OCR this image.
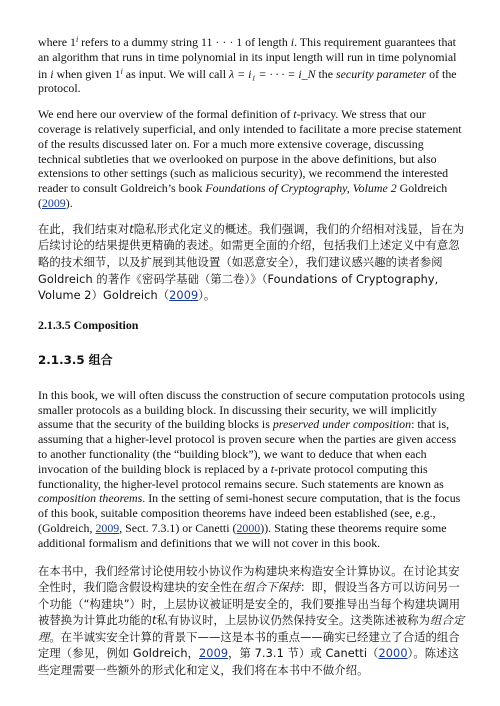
where 1$^i$ refers to a dummy string 11 · · · 1 of length i. This requirement guarantees that an algorithm that runs in time polynomial in its input length will run in time polynomial in i when given 1$^i$ as input. We will call λ = i₁ = · · · = i_N the security parameter of the protocol.

We end here our overview of the formal definition of t-privacy. We stress that our coverage is relatively superficial, and only intended to facilitate a more precise statement of the results discussed later on. For a much more extensive coverage, discussing technical subtleties that we overlooked on purpose in the above definitions, but also extensions to other settings (such as malicious security), we recommend the interested reader to consult Goldreich’s book Foundations of Cryptography, Volume 2 Goldreich (2009).

在此，我们结束对t隐私形式化定义的概述。我们强调，我们的介绍相对浅显，旨在为后续讨论的结果提供更精确的表述。如需更全面的介绍，包括我们上述定义中有意忽略的技术细节，以及扩展到其他设置（如恶意安全），我们建议感兴趣的读者参阅 Goldreich 的著作《密码学基础（第二卷）》（Foundations of Cryptography, Volume 2）Goldreich（2009）。

2.1.3.5 Composition
2.1.3.5 组合

In this book, we will often discuss the construction of secure computation protocols using smaller protocols as a building block. In discussing their security, we will implicitly assume that the security of the building blocks is preserved under composition: that is, assuming that a higher-level protocol is proven secure when the parties are given access to another functionality (the “building block”), we want to deduce that when each invocation of the building block is replaced by a t-private protocol computing this functionality, the higher-level protocol remains secure. Such statements are known as composition theorems. In the setting of semi-honest secure computation, that is the focus of this book, suitable composition theorems have indeed been established (see, e.g., (Goldreich, 2009, Sect. 7.3.1) or Canetti (2000)). Stating these theorems require some additional formalism and definitions that we will not cover in this book.

在本书中，我们经常讨论使用较小协议作为构建块来构造安全计算协议。在讨论其安全性时，我们隐含假设构建块的安全性在组合下保持：即，假设当各方可以访问另一个功能（“构建块”）时，上层协议被证明是安全的，我们要推导出当每个构建块调用被替换为计算此功能的t私有协议时，上层协议仍然保持安全。这类陈述被称为组合定理。在半诚实安全计算的背景下——这是本书的重点——确实已经建立了合适的组合定理（参见，例如 Goldreich，2009，第 7.3.1 节）或 Canetti（2000）。陈述这些定理需要一些额外的形式化和定义，我们将在本书中不做介绍。
